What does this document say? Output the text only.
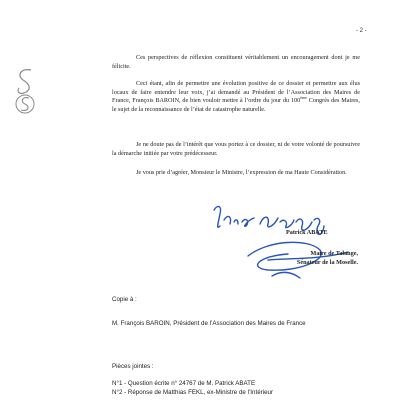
- 2 -

Ces perspectives de réflexion constituent véritablement un encouragement dont je me félicite.

Ceci étant, afin de permettre une évolution positive de ce dossier et permettre aux élus locaux de faire entendre leur voix, j’ai demandé au Président de l’Association des Maires de France, François BAROIN, de bien vouloir mettre à l’ordre du jour du 100ème Congrès des Maires, le sujet de la reconnaissance de l’état de catastrophe naturelle.

Je ne doute pas de l’intérêt que vous portez à ce dossier, ni de votre volonté de poursuivre la démarche initiée par votre prédécesseur.

Je vous prie d’agréer, Monsieur le Ministre, l’expression de ma Haute Considération.

Patrick ABATE
Maire de Talange,
Sénateur de la Moselle.
Copie à :
M. François BAROIN, Président de l’Association des Maires de France
Pièces jointes :
N°1 - Question écrite n° 24767 de M. Patrick ABATE
N°2 - Réponse de Matthias FEKL, ex-Ministre de l’Intérieur
